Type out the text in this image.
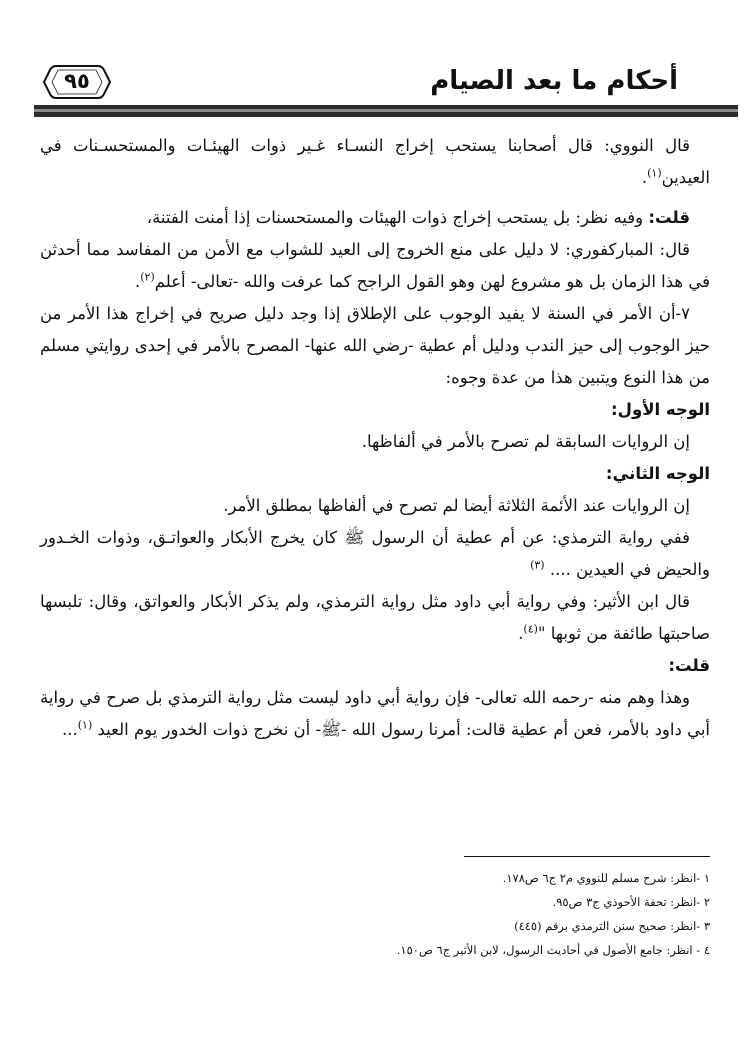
أحكام ما بعد الصيام
٩٥

قال النووي: قال أصحابنا يستحب إخراج النسـاء غـير ذوات الهيئـات والمستحسـنات في العيدين$^{(١)}$.

قلت: وفيه نظر: بل يستحب إخراج ذوات الهيئات والمستحسنات إذا أمنت الفتنة،

قال: المباركفوري: لا دليل على منع الخروج إلى العيد للشواب مع الأمن من المفاسد مما أحدثن في هذا الزمان بل هو مشروع لهن وهو القول الراجح كما عرفت والله -تعالى- أعلم$^{(٢)}$.

٧-أن الأمر في السنة لا يفيد الوجوب على الإطلاق إذا وجد دليل صريح في إخراج هذا الأمر من حيز الوجوب إلى حيز الندب ودليل أم عطية -رضي الله عنها- المصرح بالأمر في إحدى روايتي مسلم من هذا النوع ويتبين هذا من عدة وجوه:

الوجه الأول:

إن الروايات السابقة لم تصرح بالأمر في ألفاظها.

الوجه الثاني:

إن الروايات عند الأئمة الثلاثة أيضا لم تصرح في ألفاظها بمطلق الأمر.

ففي رواية الترمذي: عن أم عطية أن الرسول ﷺ كان يخرج الأبكار والعواتـق، وذوات الخـدور والحيض في العيدين .... $^{(٣)}$

قال ابن الأثير: وفي رواية أبي داود مثل رواية الترمذي، ولم يذكر الأبكار والعواتق، وقال: تلبسها صاحبتها طائفة من ثوبها "$^{(٤)}$.

قلت:

وهذا وهم منه -رحمه الله تعالى- فإن رواية أبي داود ليست مثل رواية الترمذي بل صرح في رواية أبي داود بالأمر، فعن أم عطية قالت: أمرنا رسول الله -ﷺ- أن نخرج ذوات الخدور يوم العيد $^{(١)}$...

١ -انظر: شرح مسلم للنووي م٢ ج٦ ص١٧٨.

٢ -انظر: تحفة الأحوذي ج٣ ص٩٥.

٣ -انظر: صحيح سنن الترمذي برقم (٤٤٥)

٤ - انظر: جامع الأصول في أحاديث الرسول، لابن الأثير ج٦ ص١٥٠.
